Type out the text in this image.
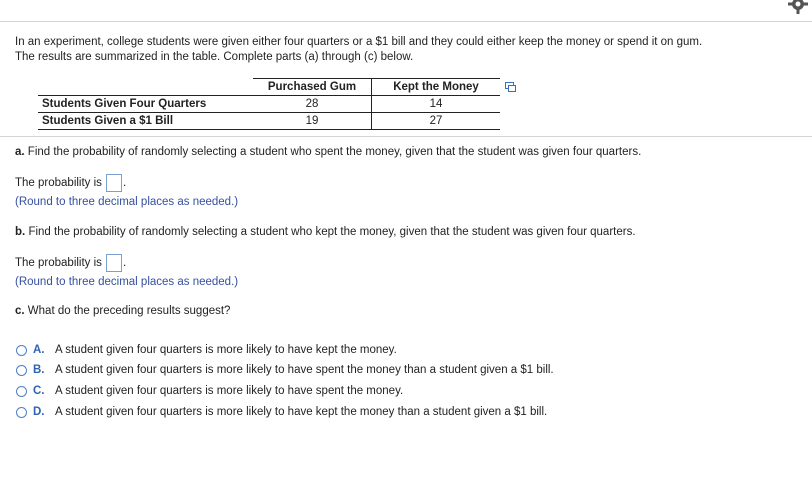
In an experiment, college students were given either four quarters or a $1 bill and they could either keep the money or spend it on gum.
The results are summarized in the table. Complete parts (a) through (c) below.
	Purchased Gum	Kept the Money
Students Given Four Quarters	28	14
Students Given a $1 Bill	19	27
a. Find the probability of randomly selecting a student who spent the money, given that the student was given four quarters.
The probability is .
(Round to three decimal places as needed.)
b. Find the probability of randomly selecting a student who kept the money, given that the student was given four quarters.
The probability is .
(Round to three decimal places as needed.)
c. What do the preceding results suggest?
A. A student given four quarters is more likely to have kept the money.
B. A student given four quarters is more likely to have spent the money than a student given a $1 bill.
C. A student given four quarters is more likely to have spent the money.
D. A student given four quarters is more likely to have kept the money than a student given a $1 bill.
